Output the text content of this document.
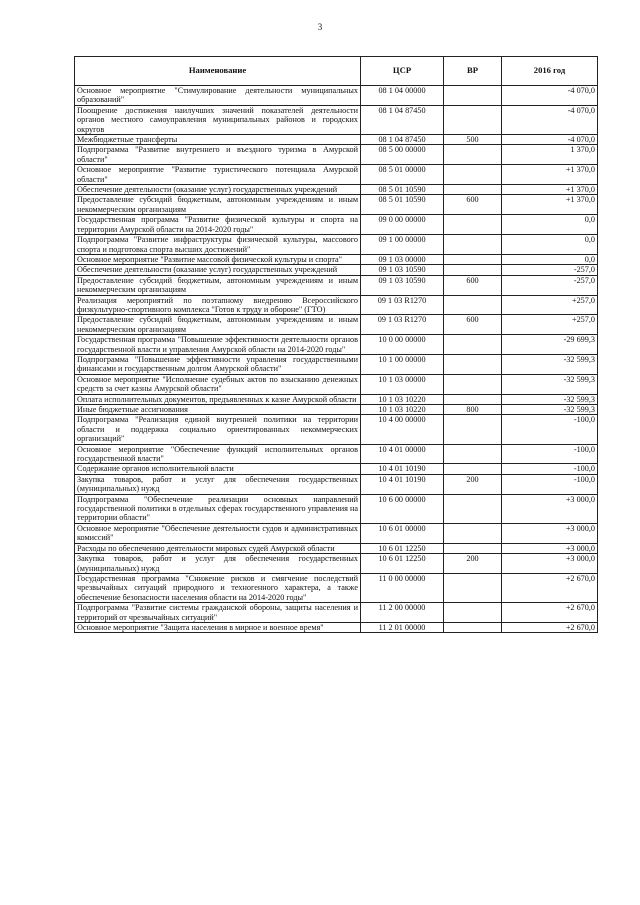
3
Наименование	ЦСР	ВР	2016 год
Основное мероприятие "Стимулирование деятельности муниципальных образований"	08 1 04 00000		-4 070,0
Поощрение достижения наилучших значений показателей деятельности органов местного самоуправления муниципальных районов и городских округов	08 1 04 87450		-4 070,0
Межбюджетные трансферты	08 1 04 87450	500	-4 070,0
Подпрограмма "Развитие внутреннего и въездного туризма в Амурской области"	08 5 00 00000		1 370,0
Основное мероприятие "Развитие туристического потенциала Амурской области"	08 5 01 00000		+1 370,0
Обеспечение деятельности (оказание услуг) государственных учреждений	08 5 01 10590		+1 370,0
Предоставление субсидий бюджетным, автономным учреждениям и иным некоммерческим организациям	08 5 01 10590	600	+1 370,0
Государственная программа "Развитие физической культуры и спорта на территории Амурской области на 2014-2020 годы"	09 0 00 00000		0,0
Подпрограмма "Развитие инфраструктуры физической культуры, массового спорта и подготовка спорта высших достижений"	09 1 00 00000		0,0
Основное мероприятие "Развитие массовой физической культуры и спорта"	09 1 03 00000		0,0
Обеспечение деятельности (оказание услуг) государственных учреждений	09 1 03 10590		-257,0
Предоставление субсидий бюджетным, автономным учреждениям и иным некоммерческим организациям	09 1 03 10590	600	-257,0
Реализация мероприятий по поэтапному внедрению Всероссийского физкультурно-спортивного комплекса "Готов к труду и обороне" (ГТО)	09 1 03 R1270		+257,0
Предоставление субсидий бюджетным, автономным учреждениям и иным некоммерческим организациям	09 1 03 R1270	600	+257,0
Государственная программа "Повышение эффективности деятельности органов государственной власти и управления Амурской области на 2014-2020 годы"	10 0 00 00000		-29 699,3
Подпрограмма "Повышение эффективности управления государственными финансами и государственным долгом Амурской области"	10 1 00 00000		-32 599,3
Основное мероприятие "Исполнение судебных актов по взысканию денежных средств за счет казны Амурской области"	10 1 03 00000		-32 599,3
Оплата исполнительных документов, предъявленных к казне Амурской области	10 1 03 10220		-32 599,3
Иные бюджетные ассигнования	10 1 03 10220	800	-32 599,3
Подпрограмма "Реализация единой внутренней политики на территории области и поддержка социально ориентированных некоммерческих организаций"	10 4 00 00000		-100,0
Основное мероприятие "Обеспечение функций исполнительных органов государственной власти"	10 4 01 00000		-100,0
Содержание органов исполнительной власти	10 4 01 10190		-100,0
Закупка товаров, работ и услуг для обеспечения государственных (муниципальных) нужд	10 4 01 10190	200	-100,0
Подпрограмма "Обеспечение реализации основных направлений государственной политики в отдельных сферах государственного управления на территории области"	10 6 00 00000		+3 000,0
Основное мероприятие "Обеспечение деятельности судов и административных комиссий"	10 6 01 00000		+3 000,0
Расходы по обеспечению деятельности мировых судей Амурской области	10 6 01 12250		+3 000,0
Закупка товаров, работ и услуг для обеспечения государственных (муниципальных) нужд	10 6 01 12250	200	+3 000,0
Государственная программа "Снижение рисков и смягчение последствий чрезвычайных ситуаций природного и техногенного характера, а также обеспечение безопасности населения области на 2014-2020 годы"	11 0 00 00000		+2 670,0
Подпрограмма "Развитие системы гражданской обороны, защиты населения и территорий от чрезвычайных ситуаций"	11 2 00 00000		+2 670,0
Основное мероприятие "Защита населения в мирное и военное время"	11 2 01 00000		+2 670,0
